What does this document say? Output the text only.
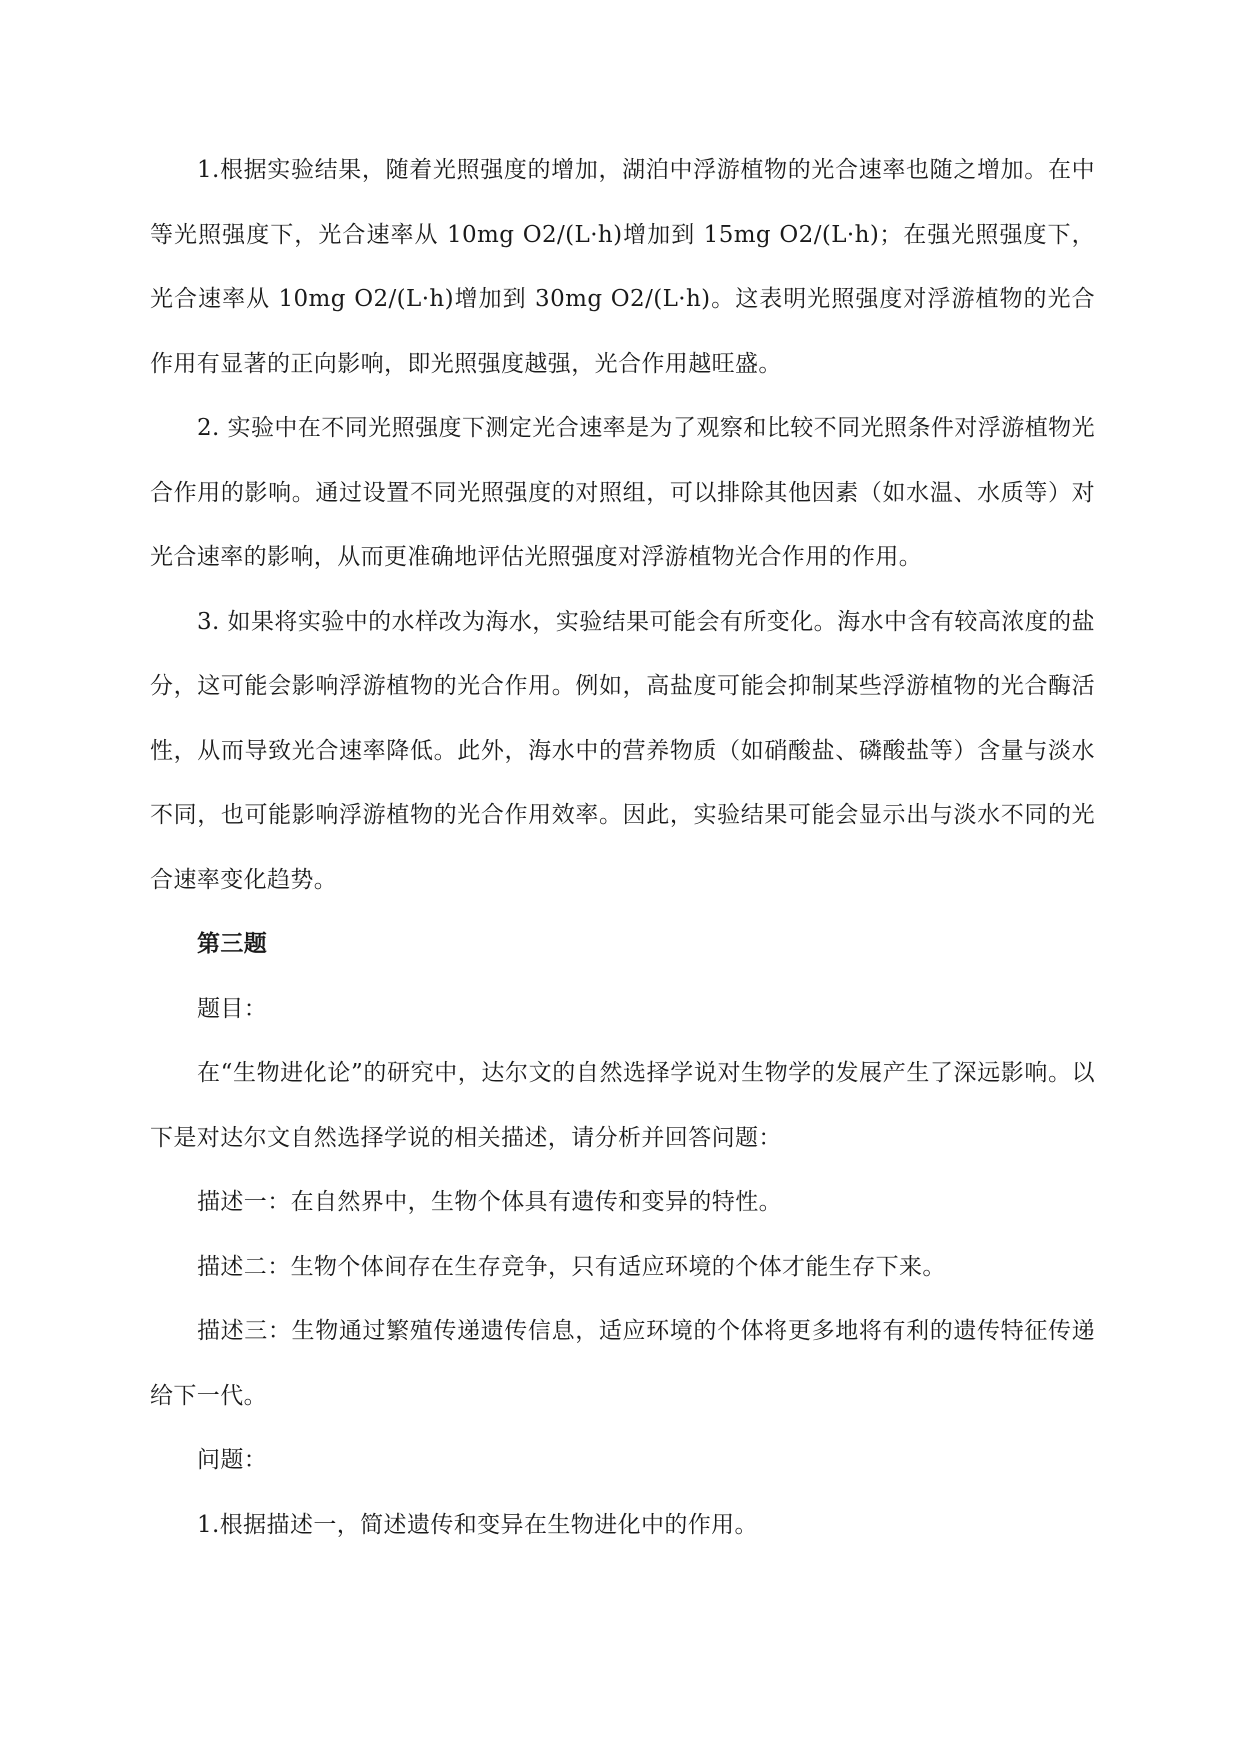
1.根据实验结果，随着光照强度的增加，湖泊中浮游植物的光合速率也随之增加。在中等光照强度下，光合速率从 10mg O2/(L·h)增加到 15mg O2/(L·h)；在强光照强度下，光合速率从 10mg O2/(L·h)增加到 30mg O2/(L·h)。这表明光照强度对浮游植物的光合作用有显著的正向影响，即光照强度越强，光合作用越旺盛。

2. 实验中在不同光照强度下测定光合速率是为了观察和比较不同光照条件对浮游植物光合作用的影响。通过设置不同光照强度的对照组，可以排除其他因素（如水温、水质等）对光合速率的影响，从而更准确地评估光照强度对浮游植物光合作用的作用。

3. 如果将实验中的水样改为海水，实验结果可能会有所变化。海水中含有较高浓度的盐分，这可能会影响浮游植物的光合作用。例如，高盐度可能会抑制某些浮游植物的光合酶活性，从而导致光合速率降低。此外，海水中的营养物质（如硝酸盐、磷酸盐等）含量与淡水不同，也可能影响浮游植物的光合作用效率。因此，实验结果可能会显示出与淡水不同的光合速率变化趋势。

第三题

题目：

在“生物进化论”的研究中，达尔文的自然选择学说对生物学的发展产生了深远影响。以下是对达尔文自然选择学说的相关描述，请分析并回答问题：

描述一：在自然界中，生物个体具有遗传和变异的特性。

描述二：生物个体间存在生存竞争，只有适应环境的个体才能生存下来。

描述三：生物通过繁殖传递遗传信息，适应环境的个体将更多地将有利的遗传特征传递给下一代。

问题：

1.根据描述一，简述遗传和变异在生物进化中的作用。
